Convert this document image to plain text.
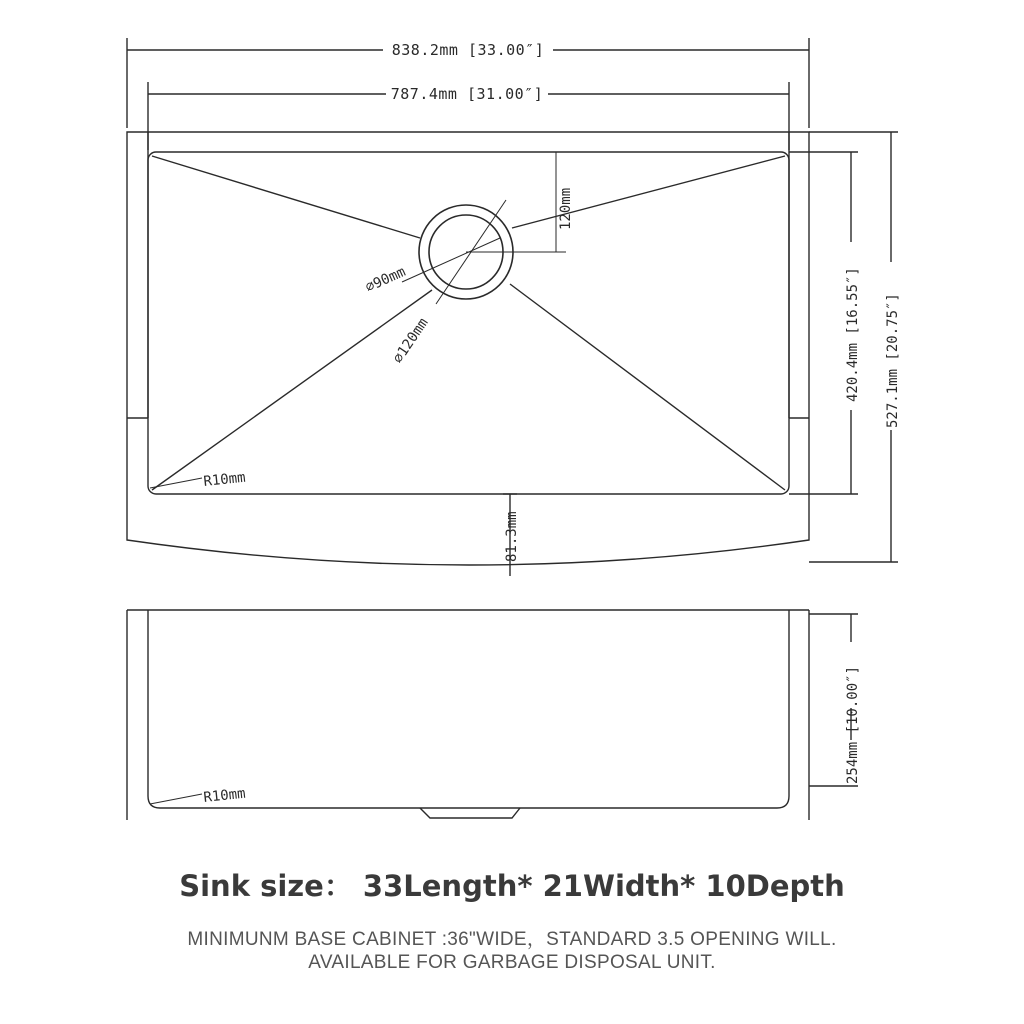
838.2mm [33.00″]
787.4mm [31.00″]
120mm
⌀90mm
⌀120mm
R10mm
81.3mm
420.4mm [16.55″] 527.1mm [20.75″]
R10mm
254mm [10.00″]
Sink size： 33Length* 21Width* 10Depth
MINIMUNM BASE CABINET :36"WIDE，STANDARD 3.5 OPENING WILL.
AVAILABLE FOR GARBAGE DISPOSAL UNIT.
